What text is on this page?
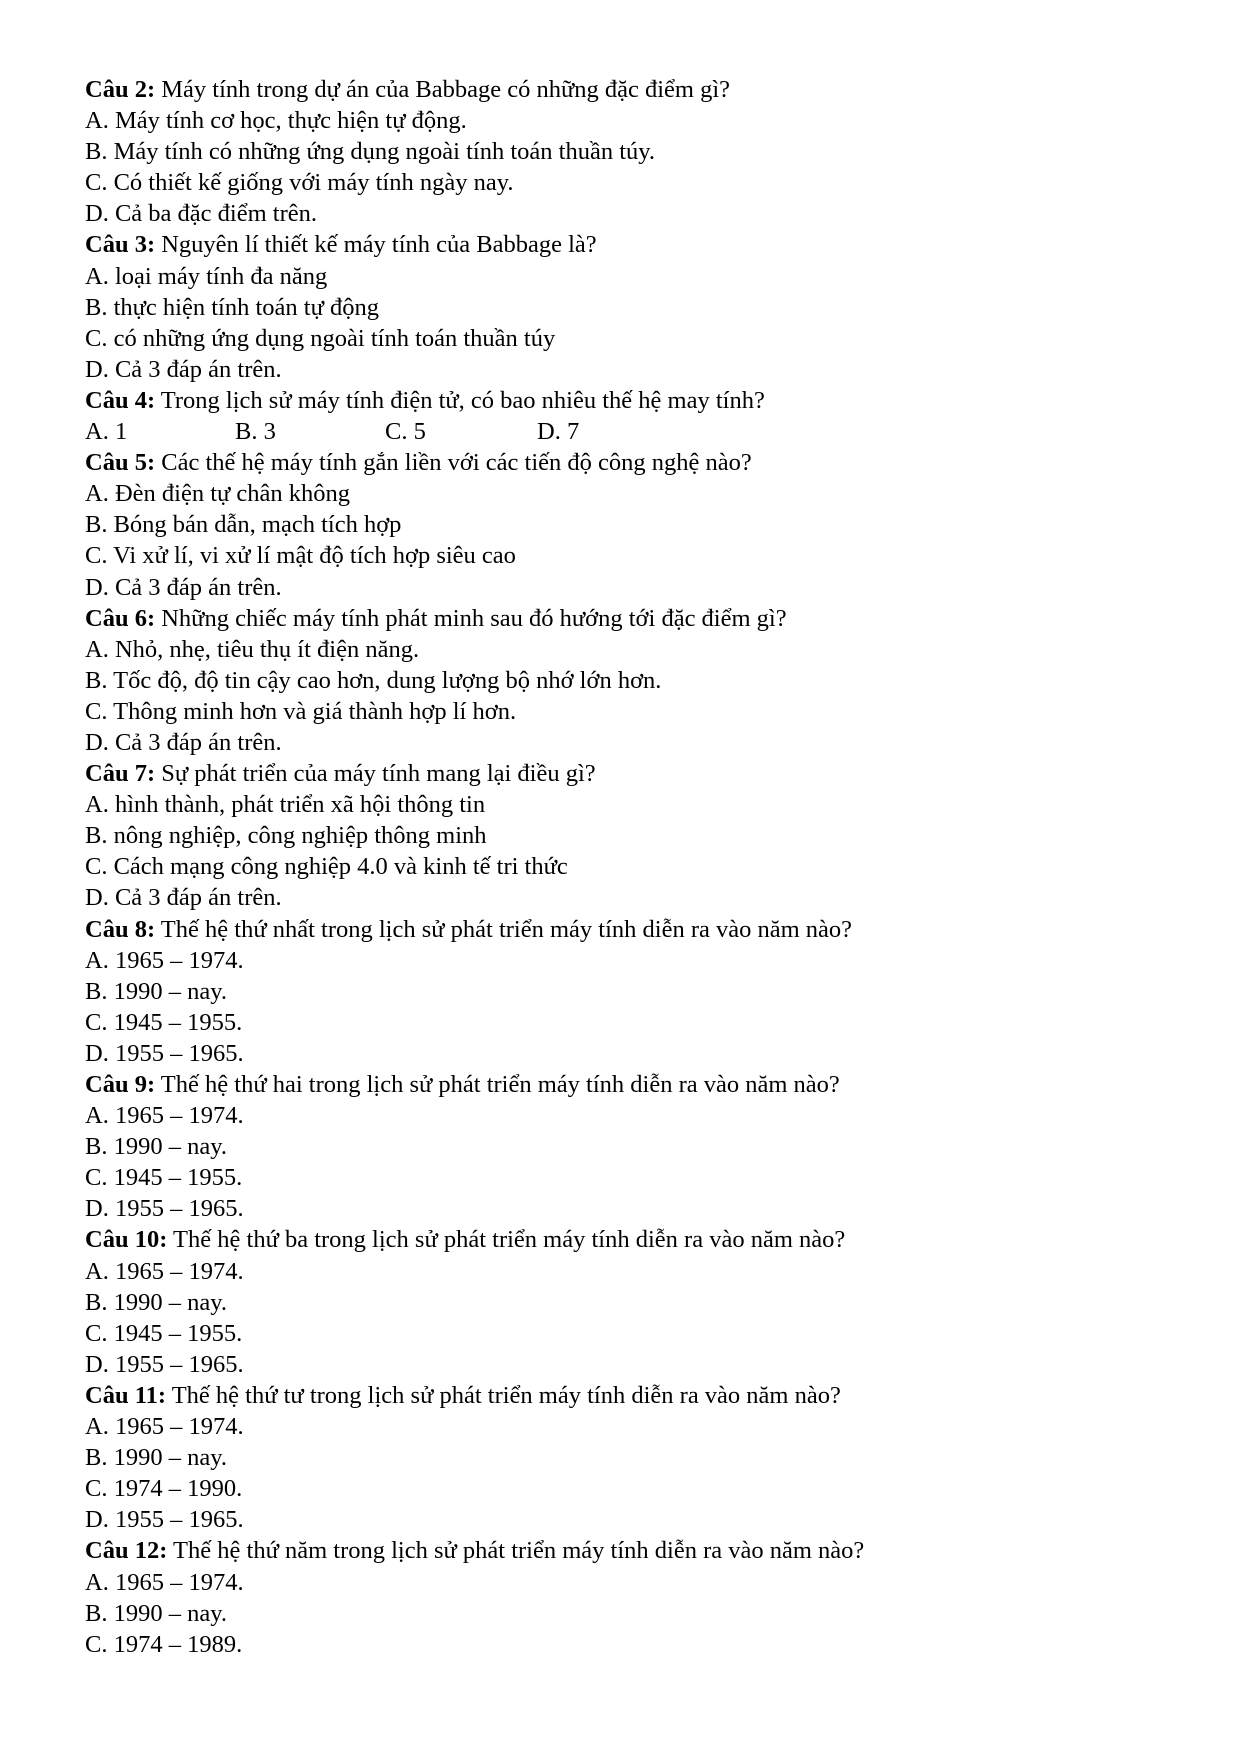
Câu 2: Máy tính trong dự án của Babbage có những đặc điểm gì?
A. Máy tính cơ học, thực hiện tự động.
B. Máy tính có những ứng dụng ngoài tính toán thuần túy.
C. Có thiết kế giống với máy tính ngày nay.
D. Cả ba đặc điểm trên.
Câu 3: Nguyên lí thiết kế máy tính của Babbage là?
A. loại máy tính đa năng
B. thực hiện tính toán tự động
C. có những ứng dụng ngoài tính toán thuần túy
D. Cả 3 đáp án trên.
Câu 4: Trong lịch sử máy tính điện tử, có bao nhiêu thế hệ may tính?
A. 1	B. 3	C. 5	D. 7
Câu 5: Các thế hệ máy tính gắn liền với các tiến độ công nghệ nào?
A. Đèn điện tự chân không
B. Bóng bán dẫn, mạch tích hợp
C. Vi xử lí, vi xử lí mật độ tích hợp siêu cao
D. Cả 3 đáp án trên.
Câu 6: Những chiếc máy tính phát minh sau đó hướng tới đặc điểm gì?
A. Nhỏ, nhẹ, tiêu thụ ít điện năng.
B. Tốc độ, độ tin cậy cao hơn, dung lượng bộ nhớ lớn hơn.
C. Thông minh hơn và giá thành hợp lí hơn.
D. Cả 3 đáp án trên.
Câu 7: Sự phát triển của máy tính mang lại điều gì?
A. hình thành, phát triển xã hội thông tin
B. nông nghiệp, công nghiệp thông minh
C. Cách mạng công nghiệp 4.0 và kinh tế tri thức
D. Cả 3 đáp án trên.
Câu 8: Thế hệ thứ nhất trong lịch sử phát triển máy tính diễn ra vào năm nào?
A. 1965 – 1974.
B. 1990 – nay.
C. 1945 – 1955.
D. 1955 – 1965.
Câu 9: Thế hệ thứ hai trong lịch sử phát triển máy tính diễn ra vào năm nào?
A. 1965 – 1974.
B. 1990 – nay.
C. 1945 – 1955.
D. 1955 – 1965.
Câu 10: Thế hệ thứ ba trong lịch sử phát triển máy tính diễn ra vào năm nào?
A. 1965 – 1974.
B. 1990 – nay.
C. 1945 – 1955.
D. 1955 – 1965.
Câu 11: Thế hệ thứ tư trong lịch sử phát triển máy tính diễn ra vào năm nào?
A. 1965 – 1974.
B. 1990 – nay.
C. 1974 – 1990.
D. 1955 – 1965.
Câu 12: Thế hệ thứ năm trong lịch sử phát triển máy tính diễn ra vào năm nào?
A. 1965 – 1974.
B. 1990 – nay.
C. 1974 – 1989.
